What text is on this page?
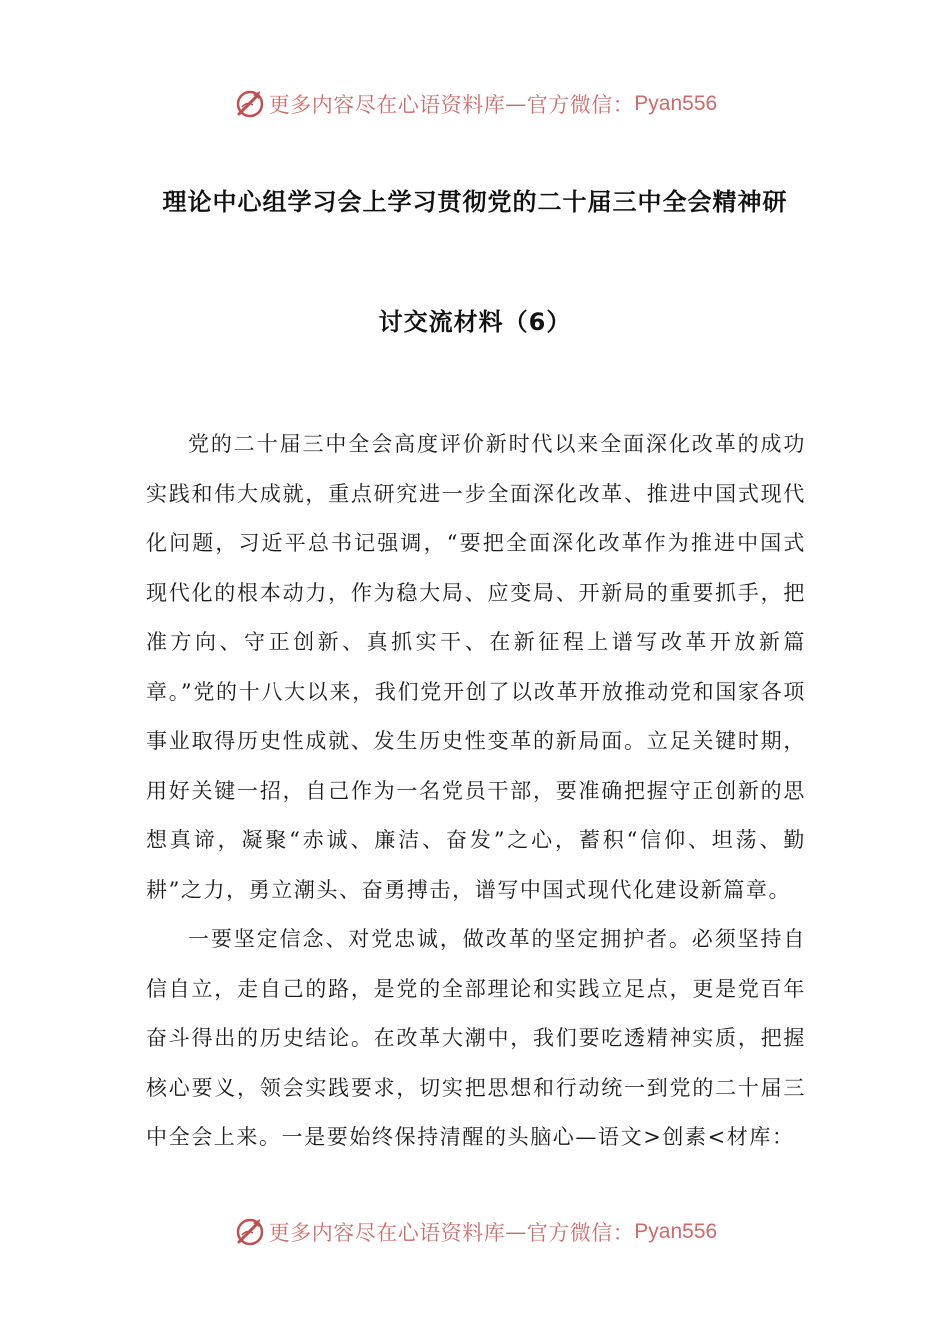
更多内容尽在心语资料库 — 官方微信： Pyan556
理论中心组学习会上学习贯彻党的二十届三中全会精神研
讨交流材料（6）

党的二十届三中全会高度评价新时代以来全面深化改革的成功实践和伟大成就，重点研究进一步全面深化改革、推进中国式现代化问题，习近平总书记强调，“要把全面深化改革作为推进中国式现代化的根本动力，作为稳大局、应变局、开新局的重要抓手，把准方向、守正创新、真抓实干、在新征程上谱写改革开放新篇章。”党的十八大以来，我们党开创了以改革开放推动党和国家各项事业取得历史性成就、发生历史性变革的新局面。立足关键时期，用好关键一招，自己作为一名党员干部，要准确把握守正创新的思想真谛，凝聚“赤诚、廉洁、奋发”之心，蓄积“信仰、坦荡、勤耕”之力，勇立潮头、奋勇搏击，谱写中国式现代化建设新篇章。

一要坚定信念、对党忠诚，做改革的坚定拥护者。必须坚持自信自立，走自己的路，是党的全部理论和实践立足点，更是党百年奋斗得出的历史结论。在改革大潮中，我们要吃透精神实质，把握核心要义，领会实践要求，切实把思想和行动统一到党的二十届三中全会上来。一是要始终保持清醒的头脑心—语文>创素<材库：

更多内容尽在心语资料库 — 官方微信： Pyan556
